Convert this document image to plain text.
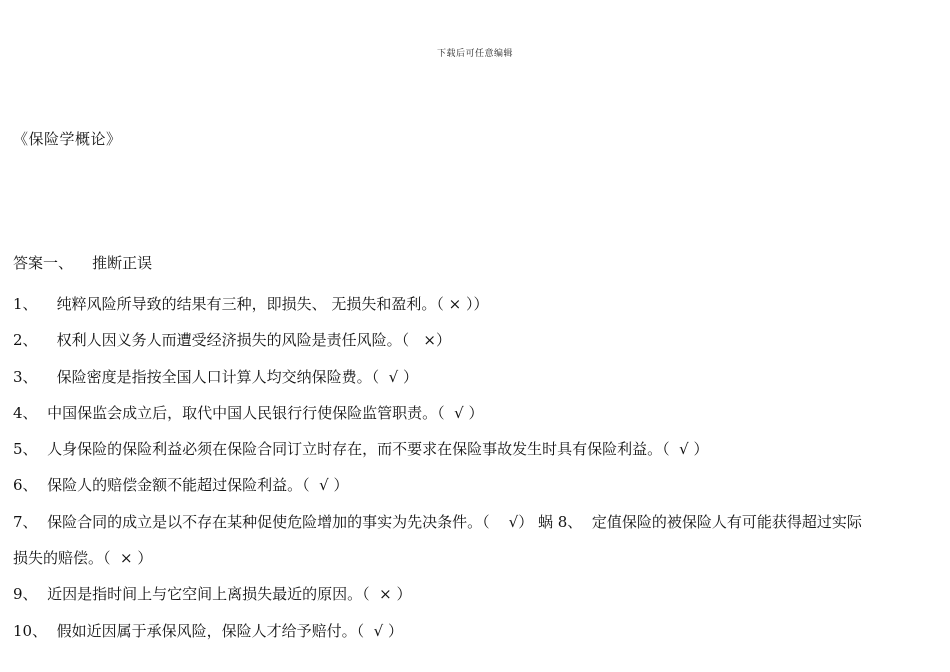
下载后可任意编辑
《保险学概论》
答案一、    推断正误
1、    纯粹风险所导致的结果有三种，即损失、 无损失和盈利。（ × ））
2、    权利人因义务人而遭受经济损失的风险是责任风险。（   ×）
3、    保险密度是指按全国人口计算人均交纳保险费。（  √ ）
4、  中国保监会成立后，取代中国人民银行行使保险监管职责。（  √ ）
5、  人身保险的保险利益必须在保险合同订立时存在，而不要求在保险事故发生时具有保险利益。（  √ ）
6、  保险人的赔偿金额不能超过保险利益。（  √ ）
7、  保险合同的成立是以不存在某种促使危险增加的事实为先决条件。（    √） 蜗 8、  定值保险的被保险人有可能获得超过实际
损失的赔偿。（  × ）
9、  近因是指时间上与它空间上离损失最近的原因。（  × ）
10、  假如近因属于承保风险，保险人才给予赔付。（  √ ）
